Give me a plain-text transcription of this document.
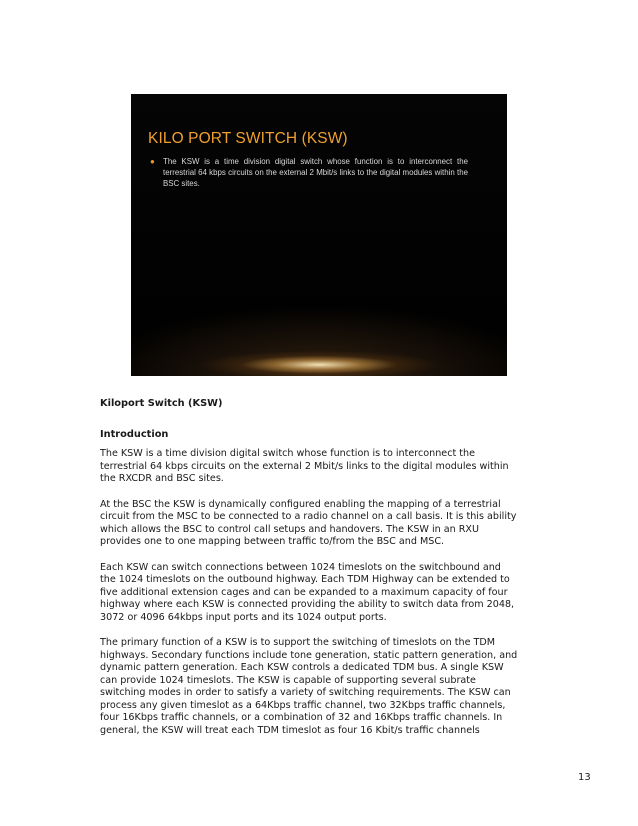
KILO PORT SWITCH (KSW)
●	The KSW is a time division digital switch whose function is to interconnect the terrestrial 64 kbps circuits on the external 2 Mbit/s links to the digital modules within the BSC sites.

Kiloport Switch (KSW)

Introduction

The KSW is a time division digital switch whose function is to interconnect the terrestrial 64 kbps circuits on the external 2 Mbit/s links to the digital modules within the RXCDR and BSC sites.

At the BSC the KSW is dynamically configured enabling the mapping of a terrestrial circuit from the MSC to be connected to a radio channel on a call basis. It is this ability which allows the BSC to control call setups and handovers. The KSW in an RXU provides one to one mapping between traffic to/from the BSC and MSC.

Each KSW can switch connections between 1024 timeslots on the switchbound and the 1024 timeslots on the outbound highway. Each TDM Highway can be extended to five additional extension cages and can be expanded to a maximum capacity of four highway where each KSW is connected providing the ability to switch data from 2048, 3072 or 4096 64kbps input ports and its 1024 output ports.

The primary function of a KSW is to support the switching of timeslots on the TDM highways. Secondary functions include tone generation, static pattern generation, and dynamic pattern generation. Each KSW controls a dedicated TDM bus. A single KSW can provide 1024 timeslots. The KSW is capable of supporting several subrate switching modes in order to satisfy a variety of switching requirements. The KSW can process any given timeslot as a 64Kbps traffic channel, two 32Kbps traffic channels, four 16Kbps traffic channels, or a combination of 32 and 16Kbps traffic channels. In general, the KSW will treat each TDM timeslot as four 16 Kbit/s traffic channels

13
